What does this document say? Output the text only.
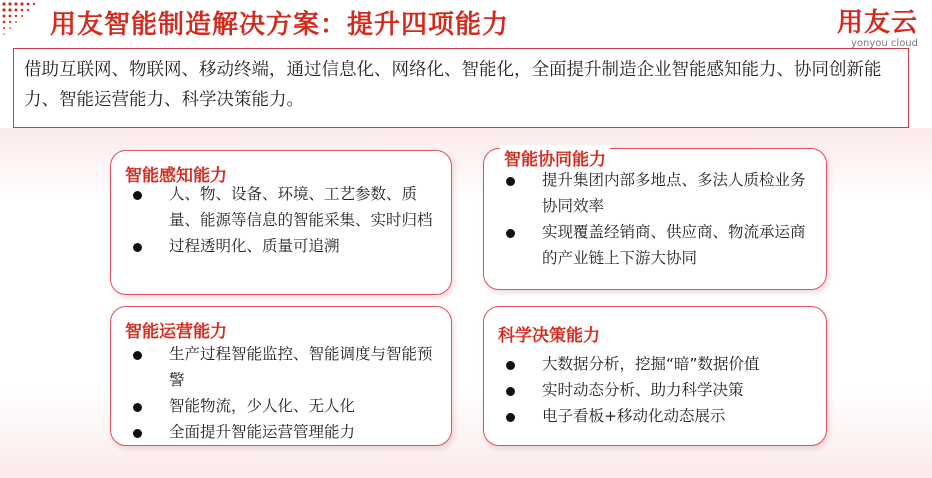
用友智能制造解决方案：提升四项能力	用友云
yonyou cloud
借助互联网、物联网、移动终端，通过信息化、网络化、智能化，全面提升制造企业智能感知能力、协同创新能力、智能运营能力、科学决策能力。
智能感知能力
人、物、设备、环境、工艺参数、质量、能源等信息的智能采集、实时归档
过程透明化、质量可追溯
智能协同能力
提升集团内部多地点、多法人质检业务协同效率
实现覆盖经销商、供应商、物流承运商的产业链上下游大协同
智能运营能力
生产过程智能监控、智能调度与智能预警
智能物流，少人化、无人化
全面提升智能运营管理能力
科学决策能力
大数据分析，挖掘“暗”数据价值
实时动态分析、助力科学决策
电子看板+移动化动态展示
